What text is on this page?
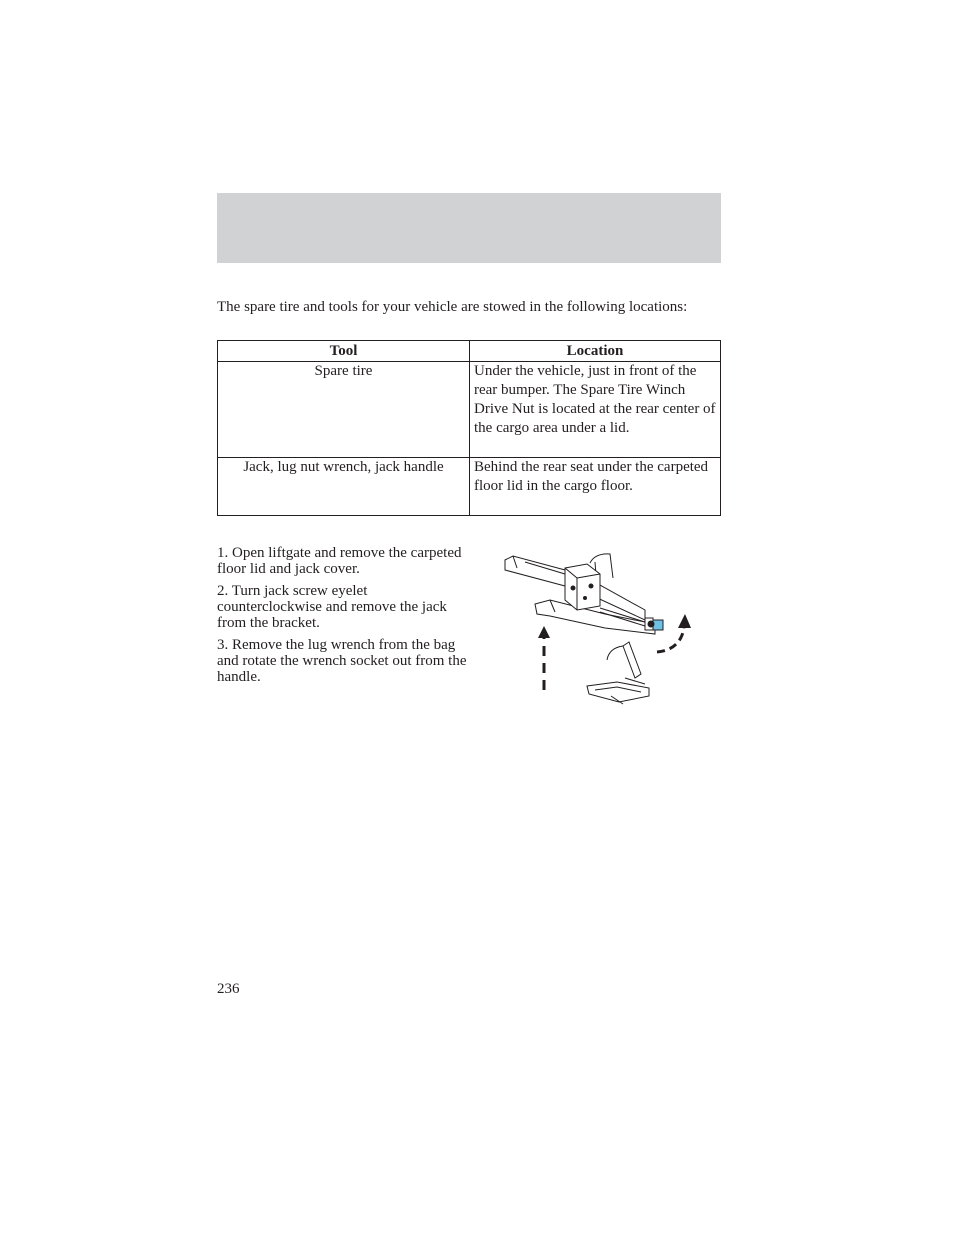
The spare tire and tools for your vehicle are stowed in the following locations:

Tool	Location
Spare tire	Under the vehicle, just in front of the rear bumper. The Spare Tire Winch Drive Nut is located at the rear center of the cargo area under a lid.
Jack, lug nut wrench, jack handle	Behind the rear seat under the carpeted floor lid in the cargo floor.

1. Open liftgate and remove the carpeted floor lid and jack cover.

2. Turn jack screw eyelet counterclockwise and remove the jack from the bracket.

3. Remove the lug wrench from the bag and rotate the wrench socket out from the handle.

236
